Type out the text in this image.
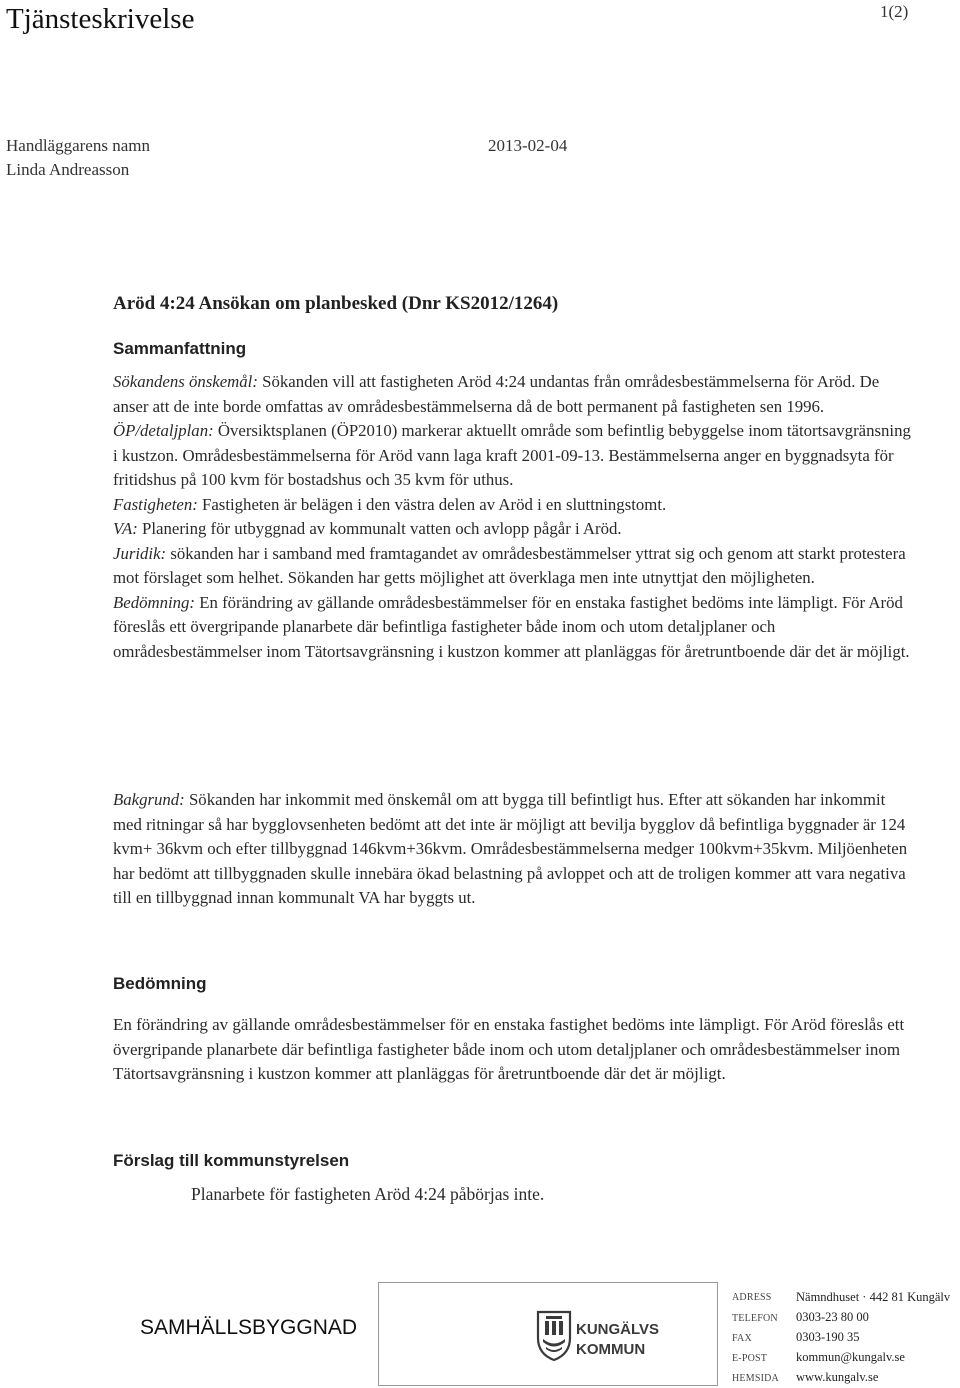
Tjänsteskrivelse	1(2)
Handläggarens namn
Linda Andreasson
2013-02-04
Aröd 4:24 Ansökan om planbesked (Dnr KS2012/1264)
Sammanfattning

Sökandens önskemål: Sökanden vill att fastigheten Aröd 4:24 undantas från områdesbestämmelserna för Aröd. De anser att de inte borde omfattas av områdesbestämmelserna då de bott permanent på fastigheten sen 1996.

ÖP/detaljplan: Översiktsplanen (ÖP2010) markerar aktuellt område som befintlig bebyggelse inom tätortsavgränsning i kustzon. Områdesbestämmelserna för Aröd vann laga kraft 2001-09-13. Bestämmelserna anger en byggnadsyta för fritidshus på 100 kvm för bostadshus och 35 kvm för uthus.

Fastigheten: Fastigheten är belägen i den västra delen av Aröd i en sluttningstomt.

VA: Planering för utbyggnad av kommunalt vatten och avlopp pågår i Aröd.

Juridik: sökanden har i samband med framtagandet av områdesbestämmelser yttrat sig och genom att starkt protestera mot förslaget som helhet. Sökanden har getts möjlighet att överklaga men inte utnyttjat den möjligheten.

Bedömning: En förändring av gällande områdesbestämmelser för en enstaka fastighet bedöms inte lämpligt. För Aröd föreslås ett övergripande planarbete där befintliga fastigheter både inom och utom detaljplaner och områdesbestämmelser inom Tätortsavgränsning i kustzon kommer att planläggas för åretruntboende där det är möjligt.

Bakgrund: Sökanden har inkommit med önskemål om att bygga till befintligt hus. Efter att sökanden har inkommit med ritningar så har bygglovsenheten bedömt att det inte är möjligt att bevilja bygglov då befintliga byggnader är 124 kvm+ 36kvm och efter tillbyggnad 146kvm+36kvm. Områdesbestämmelserna medger 100kvm+35kvm. Miljöenheten har bedömt att tillbyggnaden skulle innebära ökad belastning på avloppet och att de troligen kommer att vara negativa till en tillbyggnad innan kommunalt VA har byggts ut.

Bedömning
En förändring av gällande områdesbestämmelser för en enstaka fastighet bedöms inte lämpligt. För Aröd föreslås ett övergripande planarbete där befintliga fastigheter både inom och utom detaljplaner och områdesbestämmelser inom Tätortsavgränsning i kustzon kommer att planläggas för åretruntboende där det är möjligt.
Förslag till kommunstyrelsen
Planarbete för fastigheten Aröd 4:24 påbörjas inte.
SAMHÄLLSBYGGNAD	KUNGÄLVS
KOMMUN
ADRESS Nämndhuset · 442 81 Kungälv
TELEFON 0303-23 80 00
FAX	0303-190 35
E-POST kommun@kungalv.se
HEMSIDA www.kungalv.se
